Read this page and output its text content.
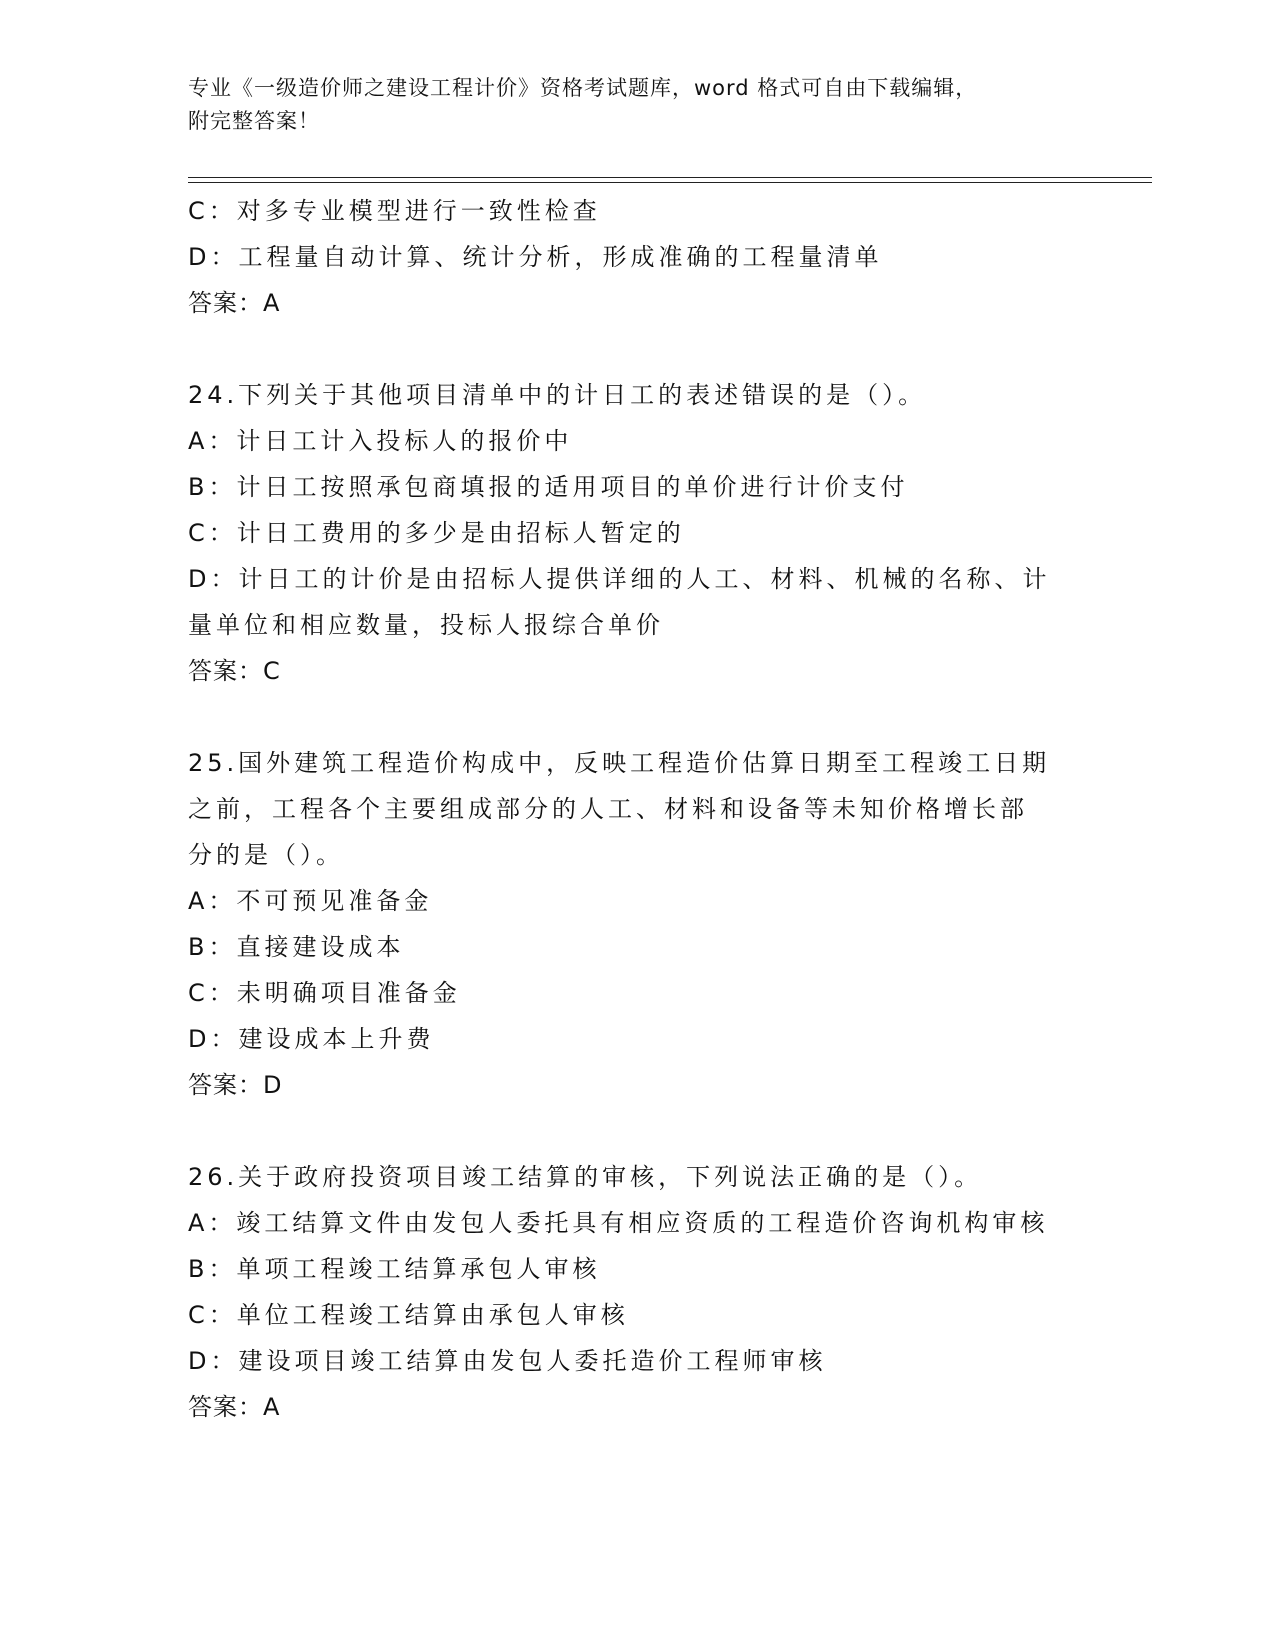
专业《一级造价师之建设工程计价》资格考试题库，word 格式可自由下载编辑，
附完整答案！
C：对多专业模型进行一致性检查
D：工程量自动计算、统计分析，形成准确的工程量清单
答案：A
24.下列关于其他项目清单中的计日工的表述错误的是（）。
A：计日工计入投标人的报价中
B：计日工按照承包商填报的适用项目的单价进行计价支付
C：计日工费用的多少是由招标人暂定的
D：计日工的计价是由招标人提供详细的人工、材料、机械的名称、计
量单位和相应数量，投标人报综合单价
答案：C
25.国外建筑工程造价构成中，反映工程造价估算日期至工程竣工日期
之前，工程各个主要组成部分的人工、材料和设备等未知价格增长部
分的是（）。
A：不可预见准备金
B：直接建设成本
C：未明确项目准备金
D：建设成本上升费
答案：D
26.关于政府投资项目竣工结算的审核，下列说法正确的是（）。
A：竣工结算文件由发包人委托具有相应资质的工程造价咨询机构审核
B：单项工程竣工结算承包人审核
C：单位工程竣工结算由承包人审核
D：建设项目竣工结算由发包人委托造价工程师审核
答案：A
